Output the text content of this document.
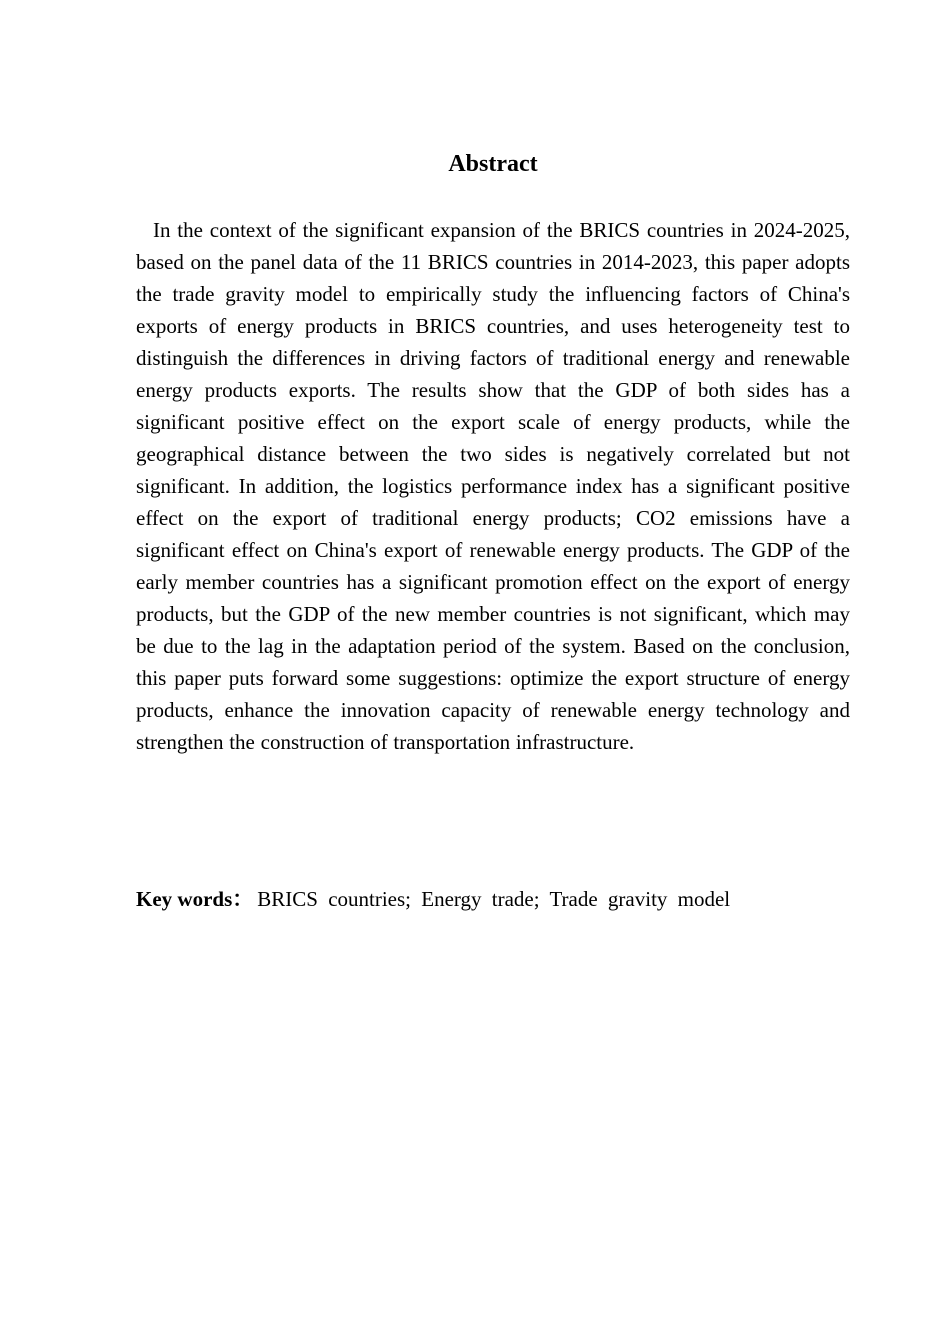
Abstract

In the context of the significant expansion of the BRICS countries in 2024-2025, based on the panel data of the 11 BRICS countries in 2014-2023, this paper adopts the trade gravity model to empirically study the influencing factors of China's exports of energy products in BRICS countries, and uses heterogeneity test to distinguish the differences in driving factors of traditional energy and renewable energy products exports. The results show that the GDP of both sides has a significant positive effect on the export scale of energy products, while the geographical distance between the two sides is negatively correlated but not significant. In addition, the logistics performance index has a significant positive effect on the export of traditional energy products; CO2 emissions have a significant effect on China's export of renewable energy products. The GDP of the early member countries has a significant promotion effect on the export of energy products, but the GDP of the new member countries is not significant, which may be due to the lag in the adaptation period of the system. Based on the conclusion, this paper puts forward some suggestions: optimize the export structure of energy products, enhance the innovation capacity of renewable energy technology and strengthen the construction of transportation infrastructure.

Key words： BRICS countries; Energy trade; Trade gravity model
